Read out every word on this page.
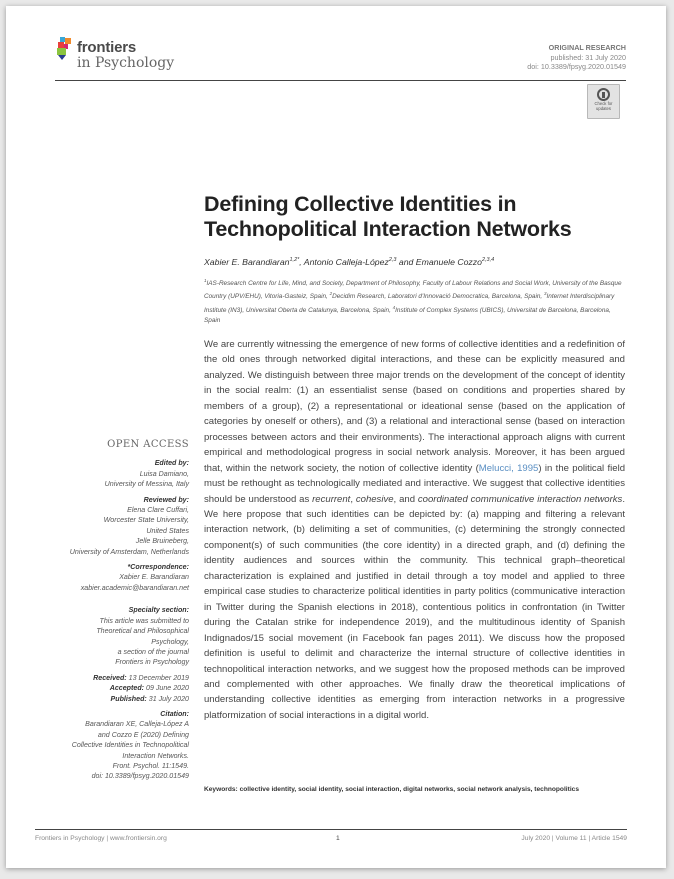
frontiers
in Psychology
ORIGINAL RESEARCH
published: 31 July 2020
doi: 10.3389/fpsyg.2020.01549
Check for
updates
Defining Collective Identities in Technopolitical Interaction Networks
Xabier E. Barandiaran$^{1,2*}$, Antonio Calleja-López$^{2,3}$ and Emanuele Cozzo$^{2,3,4}$
$^1$IAS-Research Centre for Life, Mind, and Society, Department of Philosophy, Faculty of Labour Relations and Social Work, University of the Basque Country (UPV/EHU), Vitoria-Gasteiz, Spain, $^2$Decidim Research, Laboratori d'Innovació Democratica, Barcelona, Spain, $^3$Internet Interdisciplinary Institute (IN3), Universitat Oberta de Catalunya, Barcelona, Spain, $^4$Institute of Complex Systems (UBICS), Universitat de Barcelona, Barcelona, Spain
We are currently witnessing the emergence of new forms of collective identities and a redefinition of the old ones through networked digital interactions, and these can be explicitly measured and analyzed. We distinguish between three major trends on the development of the concept of identity in the social realm: (1) an essentialist sense (based on conditions and properties shared by members of a group), (2) a representational or ideational sense (based on the application of categories by oneself or others), and (3) a relational and interactional sense (based on interaction processes between actors and their environments). The interactional approach aligns with current empirical and methodological progress in social network analysis. Moreover, it has been argued that, within the network society, the notion of collective identity (Melucci, 1995) in the political field must be rethought as technologically mediated and interactive. We suggest that collective identities should be understood as recurrent, cohesive, and coordinated communicative interaction networks. We here propose that such identities can be depicted by: (a) mapping and filtering a relevant interaction network, (b) delimiting a set of communities, (c) determining the strongly connected component(s) of such communities (the core identity) in a directed graph, and (d) defining the identity audiences and sources within the community. This technical graph–theoretical characterization is explained and justified in detail through a toy model and applied to three empirical case studies to characterize political identities in party politics (communicative interaction in Twitter during the Spanish elections in 2018), contentious politics in confrontation (in Twitter during the Catalan strike for independence 2019), and the multitudinous identity of Spanish Indignados/15 social movement (in Facebook fan pages 2011). We discuss how the proposed definition is useful to delimit and characterize the internal structure of collective identities in technopolitical interaction networks, and we suggest how the proposed methods can be improved and complemented with other approaches. We finally draw the theoretical implications of understanding collective identities as emerging from interaction networks in a progressive platformization of social interactions in a digital world.
Keywords: collective identity, social identity, social interaction, digital networks, social network analysis, technopolitics
OPEN ACCESS
Edited by:
Luisa Damiano,
University of Messina, Italy
Reviewed by:
Elena Clare Cuffari,
Worcester State University,
United States
Jelle Bruineberg,
University of Amsterdam, Netherlands
*Correspondence:
Xabier E. Barandiaran
xabier.academic@barandiaran.net
Specialty section:
This article was submitted to
Theoretical and Philosophical
Psychology,
a section of the journal
Frontiers in Psychology
Received: 13 December 2019
Accepted: 09 June 2020
Published: 31 July 2020
Citation:
Barandiaran XE, Calleja-López A
and Cozzo E (2020) Defining
Collective Identities in Technopolitical
Interaction Networks.
Front. Psychol. 11:1549.
doi: 10.3389/fpsyg.2020.01549
Frontiers in Psychology | www.frontiersin.org	1	July 2020 | Volume 11 | Article 1549
